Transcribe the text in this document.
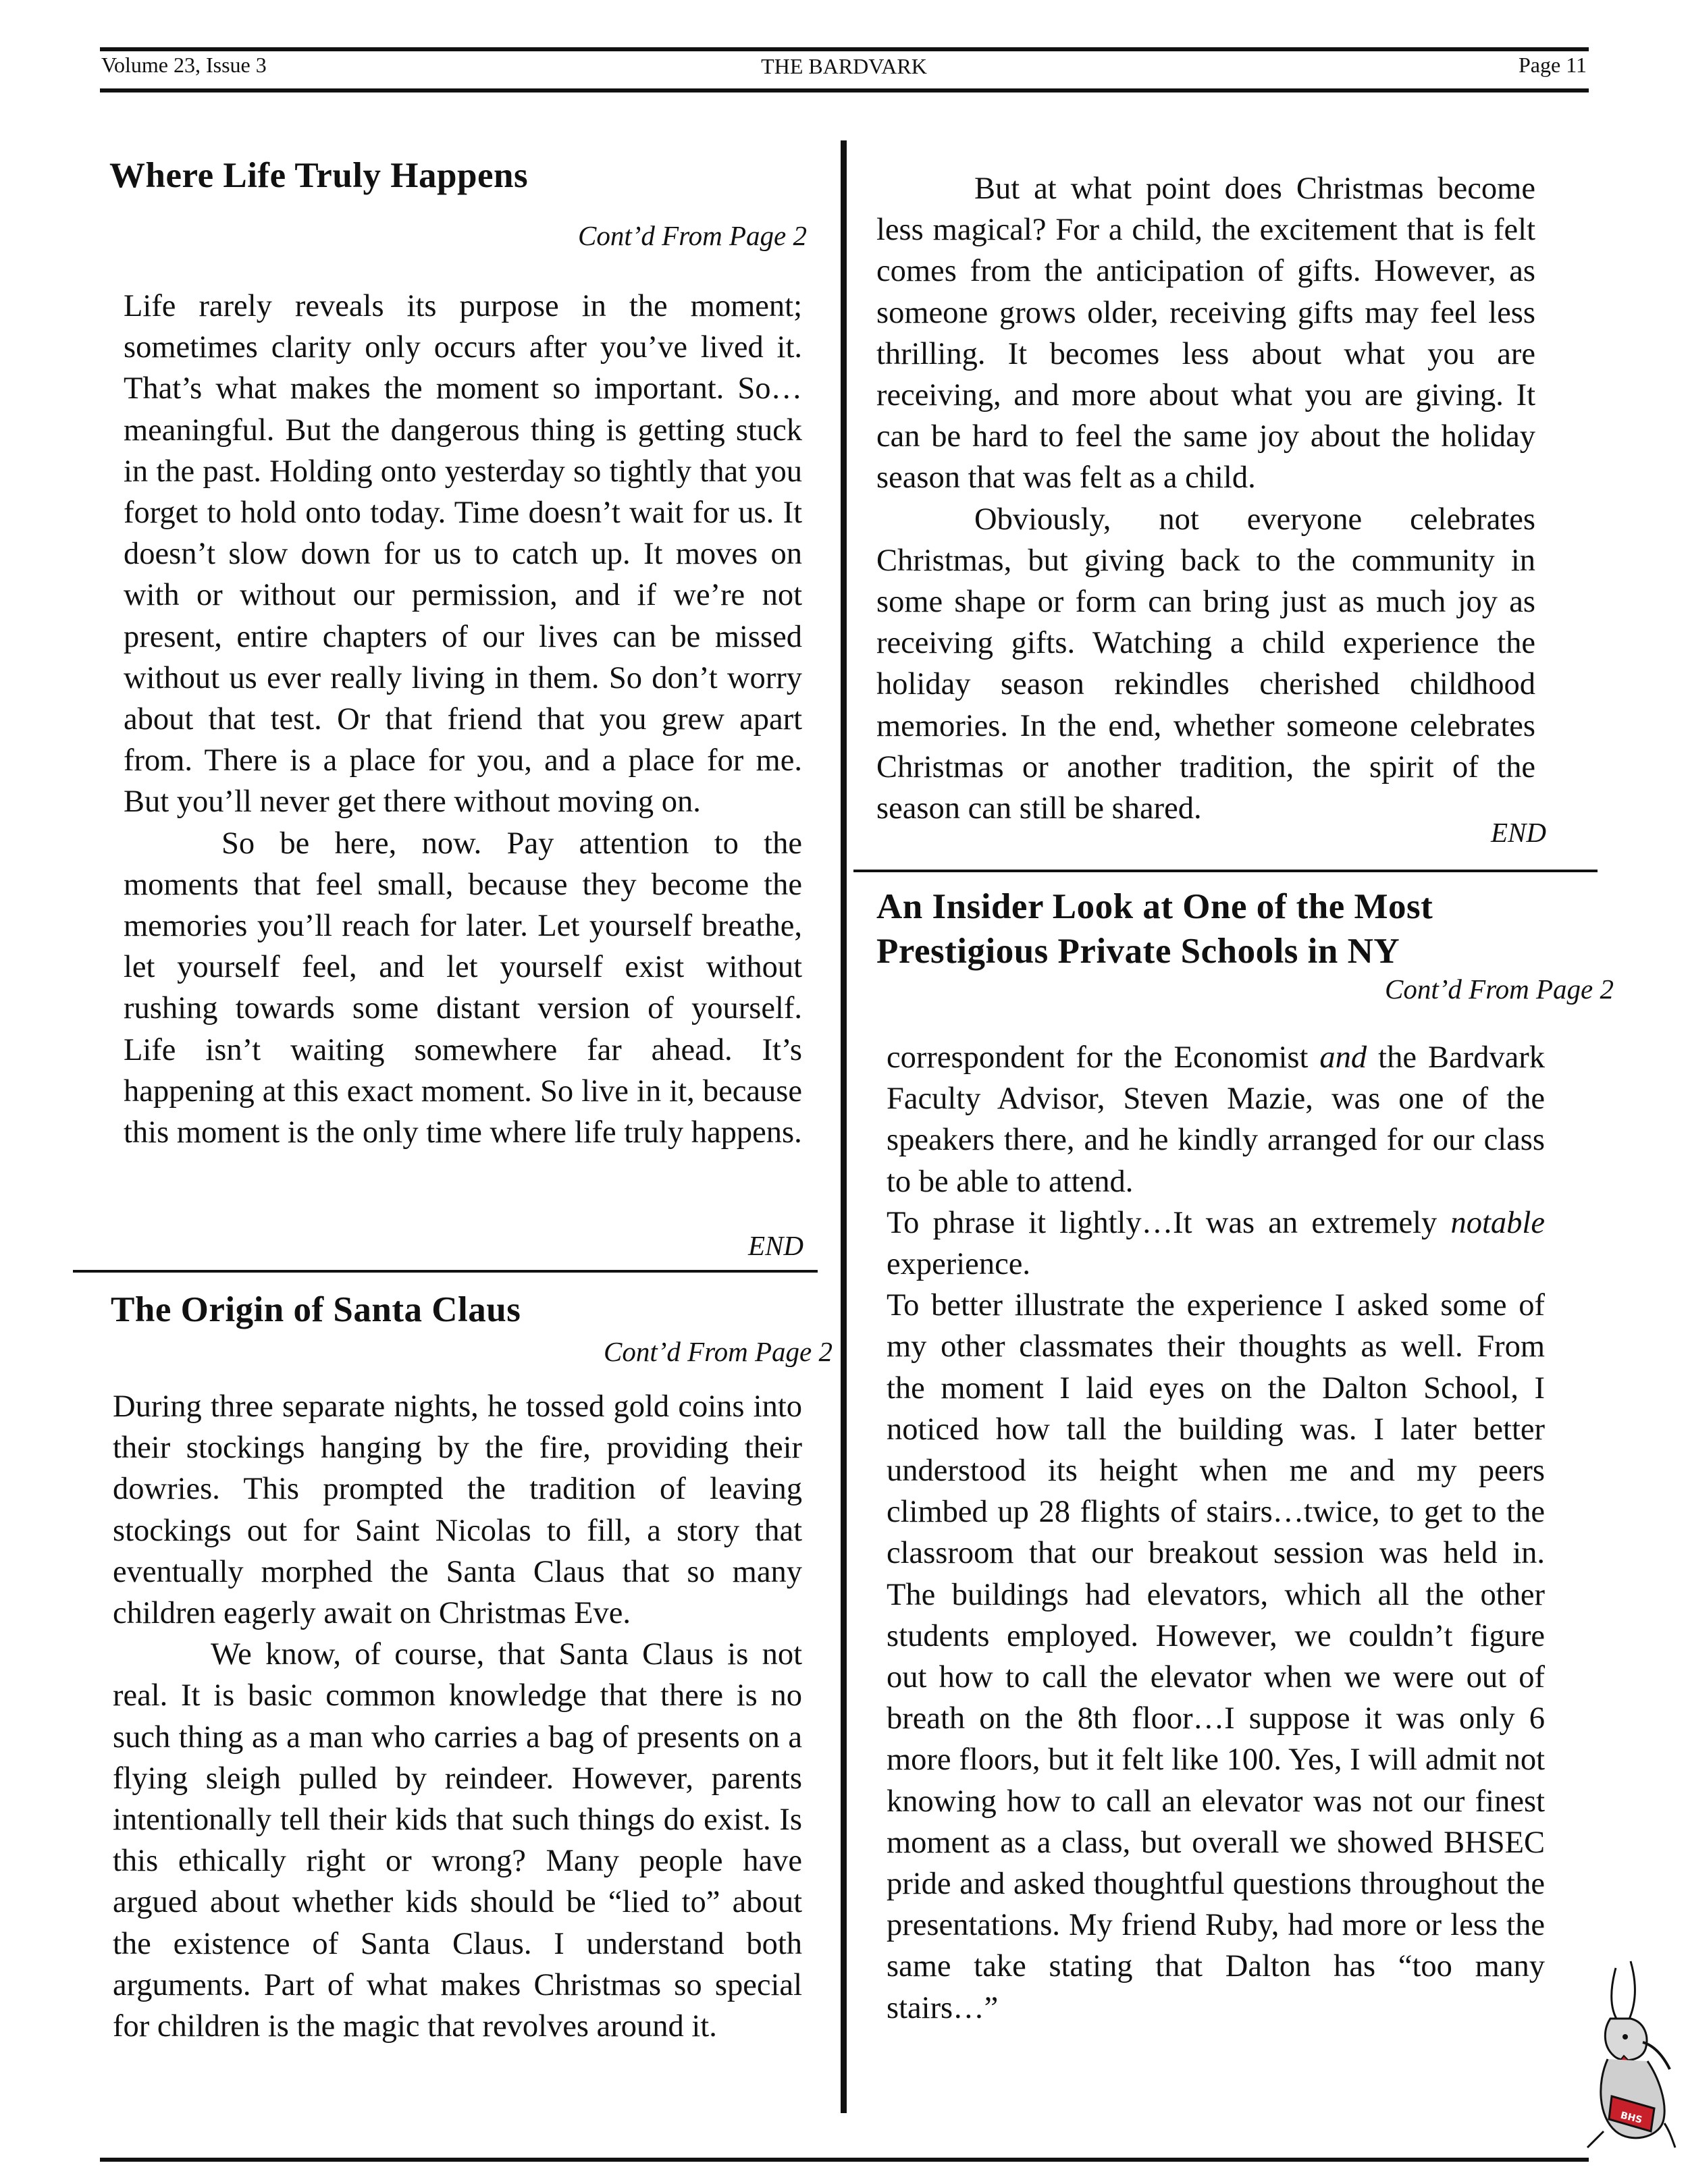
Volume 23, Issue 3	THE BARDVARK	Page 11
Where Life Truly Happens
Cont’d From Page 2

Life rarely reveals its purpose in the moment; sometimes clarity only occurs after you’ve lived it. That’s what makes the moment so important. So… meaningful. But the dangerous thing is getting stuck in the past. Holding onto yesterday so tightly that you forget to hold onto today. Time doesn’t wait for us. It doesn’t slow down for us to catch up. It moves on with or without our permission, and if we’re not present, entire chapters of our lives can be missed without us ever really living in them. So don’t worry about that test. Or that friend that you grew apart from. There is a place for you, and a place for me. But you’ll never get there without moving on.

So be here, now. Pay attention to the moments that feel small, because they become the memories you’ll reach for later. Let yourself breathe, let yourself feel, and let yourself exist without rushing towards some distant version of yourself. Life isn’t waiting somewhere far ahead. It’s happening at this exact moment. So live in it, because this moment is the only time where life truly happens.

END
The Origin of Santa Claus
Cont’d From Page 2

During three separate nights, he tossed gold coins into their stockings hanging by the fire, providing their dowries. This prompted the tradition of leaving stockings out for Saint Nicolas to fill, a story that eventually morphed the Santa Claus that so many children eagerly await on Christmas Eve.

We know, of course, that Santa Claus is not real. It is basic common knowledge that there is no such thing as a man who carries a bag of presents on a flying sleigh pulled by reindeer. However, parents intentionally tell their kids that such things do exist. Is this ethically right or wrong? Many people have argued about whether kids should be “lied to” about the existence of Santa Claus. I understand both arguments. Part of what makes Christmas so special for children is the magic that revolves around it.

But at what point does Christmas become less magical? For a child, the excitement that is felt comes from the anticipation of gifts. However, as someone grows older, receiving gifts may feel less thrilling. It becomes less about what you are receiving, and more about what you are giving. It can be hard to feel the same joy about the holiday season that was felt as a child.

Obviously, not everyone celebrates Christmas, but giving back to the community in some shape or form can bring just as much joy as receiving gifts. Watching a child experience the holiday season rekindles cherished childhood memories. In the end, whether someone celebrates Christmas or another tradition, the spirit of the season can still be shared.

END
An Insider Look at One of the Most
Prestigious Private Schools in NY
Cont’d From Page 2

correspondent for the Economist and the Bardvark Faculty Advisor, Steven Mazie, was one of the speakers there, and he kindly arranged for our class to be able to attend.

To phrase it lightly…It was an extremely notable experience.

To better illustrate the experience I asked some of my other classmates their thoughts as well. From the moment I laid eyes on the Dalton School, I noticed how tall the building was. I later better understood its height when me and my peers climbed up 28 flights of stairs…twice, to get to the classroom that our breakout session was held in. The buildings had elevators, which all the other students employed. However, we couldn’t figure out how to call the elevator when we were out of breath on the 8th floor…I suppose it was only 6 more floors, but it felt like 100. Yes, I will admit not knowing how to call an elevator was not our finest moment as a class, but overall we showed BHSEC pride and asked thoughtful questions throughout the presentations. My friend Ruby, had more or less the same take stating that Dalton has “too many stairs…”

BHS
